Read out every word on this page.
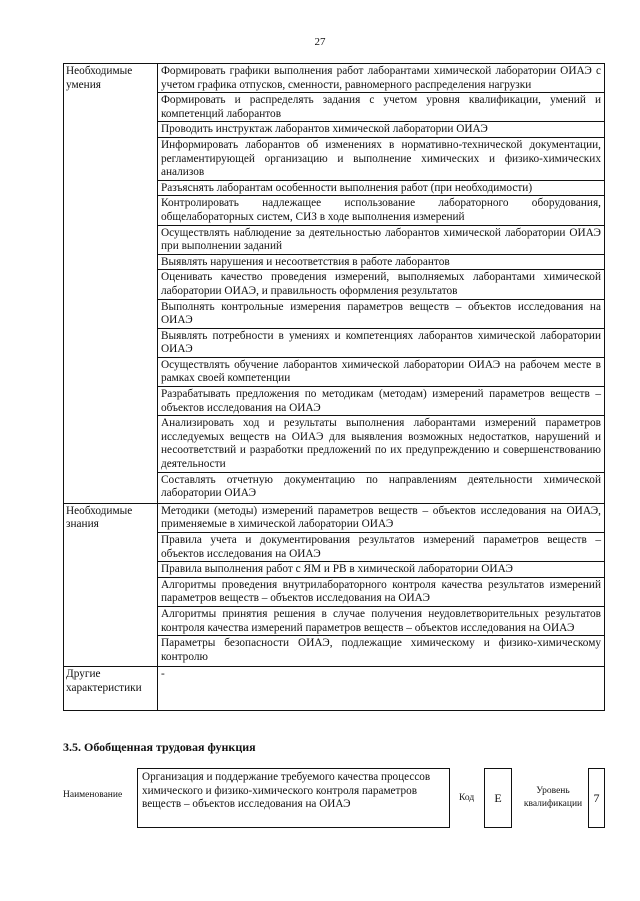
27
Необходимые умения	Формировать графики выполнения работ лаборантами химической лаборатории ОИАЭ с учетом графика отпусков, сменности, равномерного распределения нагрузки
	Формировать и распределять задания с учетом уровня квалификации, умений и компетенций лаборантов
	Проводить инструктаж лаборантов химической лаборатории ОИАЭ
	Информировать лаборантов об изменениях в нормативно-технической документации, регламентирующей организацию и выполнение химических и физико-химических анализов
	Разъяснять лаборантам особенности выполнения работ (при необходимости)
	Контролировать надлежащее использование лабораторного оборудования, общелабораторных систем, СИЗ в ходе выполнения измерений
	Осуществлять наблюдение за деятельностью лаборантов химической лаборатории ОИАЭ при выполнении заданий
	Выявлять нарушения и несоответствия в работе лаборантов
	Оценивать качество проведения измерений, выполняемых лаборантами химической лаборатории ОИАЭ, и правильность оформления результатов
	Выполнять контрольные измерения параметров веществ – объектов исследования на ОИАЭ
	Выявлять потребности в умениях и компетенциях лаборантов химической лаборатории ОИАЭ
	Осуществлять обучение лаборантов химической лаборатории ОИАЭ на рабочем месте в рамках своей компетенции
	Разрабатывать предложения по методикам (методам) измерений параметров веществ – объектов исследования на ОИАЭ
	Анализировать ход и результаты выполнения лаборантами измерений параметров исследуемых веществ на ОИАЭ для выявления возможных недостатков, нарушений и несоответствий и разработки предложений по их предупреждению и совершенствованию деятельности
	Составлять отчетную документацию по направлениям деятельности химической лаборатории ОИАЭ
Необходимые знания	Методики (методы) измерений параметров веществ – объектов исследования на ОИАЭ, применяемые в химической лаборатории ОИАЭ
	Правила учета и документирования результатов измерений параметров веществ – объектов исследования на ОИАЭ
	Правила выполнения работ с ЯМ и РВ в химической лаборатории ОИАЭ
	Алгоритмы проведения внутрилабораторного контроля качества результатов измерений параметров веществ – объектов исследования на ОИАЭ
	Алгоритмы принятия решения в случае получения неудовлетворительных результатов контроля качества измерений параметров веществ – объектов исследования на ОИАЭ
	Параметры безопасности ОИАЭ, подлежащие химическому и физико-химическому контролю
Другие характеристики	-
3.5. Обобщенная трудовая функция
Наименование
Организация и поддержание требуемого качества процессов химического и физико-химического контроля параметров веществ – объектов исследования на ОИАЭ
Код	E	Уровень квалификации 7
